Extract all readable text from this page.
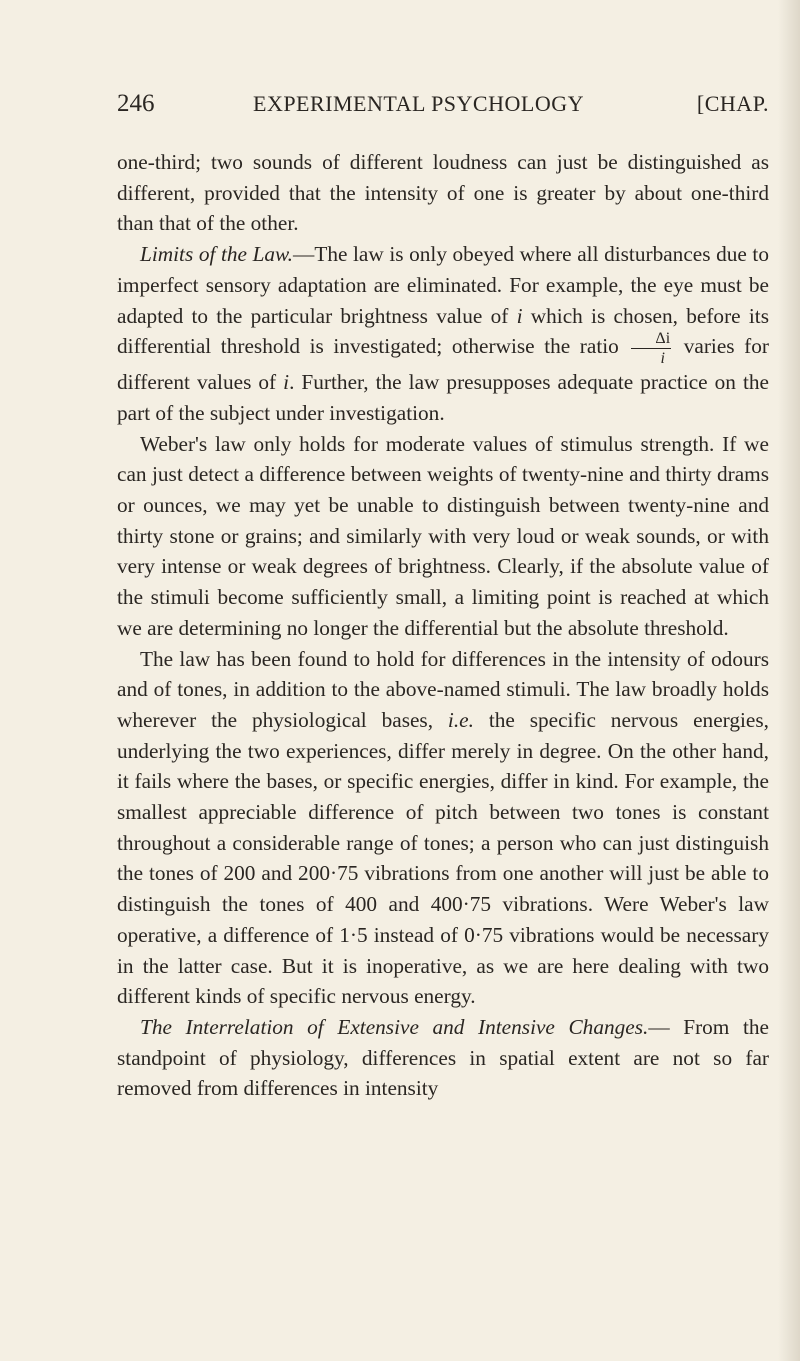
246	EXPERIMENTAL PSYCHOLOGY	[CHAP.

one-third; two sounds of different loudness can just be distinguished as different, provided that the intensity of one is greater by about one-third than that of the other.

Limits of the Law.—The law is only obeyed where all disturbances due to imperfect sensory adaptation are eliminated. For example, the eye must be adapted to the particular brightness value of i which is chosen, before its differential threshold is investigated; otherwise the ratio $\frac{\Delta i}{i}$ varies for different values of i. Further, the law presupposes adequate practice on the part of the subject under investigation.

Weber's law only holds for moderate values of stimulus strength. If we can just detect a difference between weights of twenty-nine and thirty drams or ounces, we may yet be unable to distinguish between twenty-nine and thirty stone or grains; and similarly with very loud or weak sounds, or with very intense or weak degrees of brightness. Clearly, if the absolute value of the stimuli become sufficiently small, a limiting point is reached at which we are determining no longer the differential but the absolute threshold.

The law has been found to hold for differences in the intensity of odours and of tones, in addition to the above-named stimuli. The law broadly holds wherever the physiological bases, i.e. the specific nervous energies, underlying the two experiences, differ merely in degree. On the other hand, it fails where the bases, or specific energies, differ in kind. For example, the smallest appreciable difference of pitch between two tones is constant throughout a considerable range of tones; a person who can just distinguish the tones of 200 and 200·75 vibrations from one another will just be able to distinguish the tones of 400 and 400·75 vibrations. Were Weber's law operative, a difference of 1·5 instead of 0·75 vibrations would be necessary in the latter case. But it is inoperative, as we are here dealing with two different kinds of specific nervous energy.

The Interrelation of Extensive and Intensive Changes.— From the standpoint of physiology, differences in spatial extent are not so far removed from differences in intensity
